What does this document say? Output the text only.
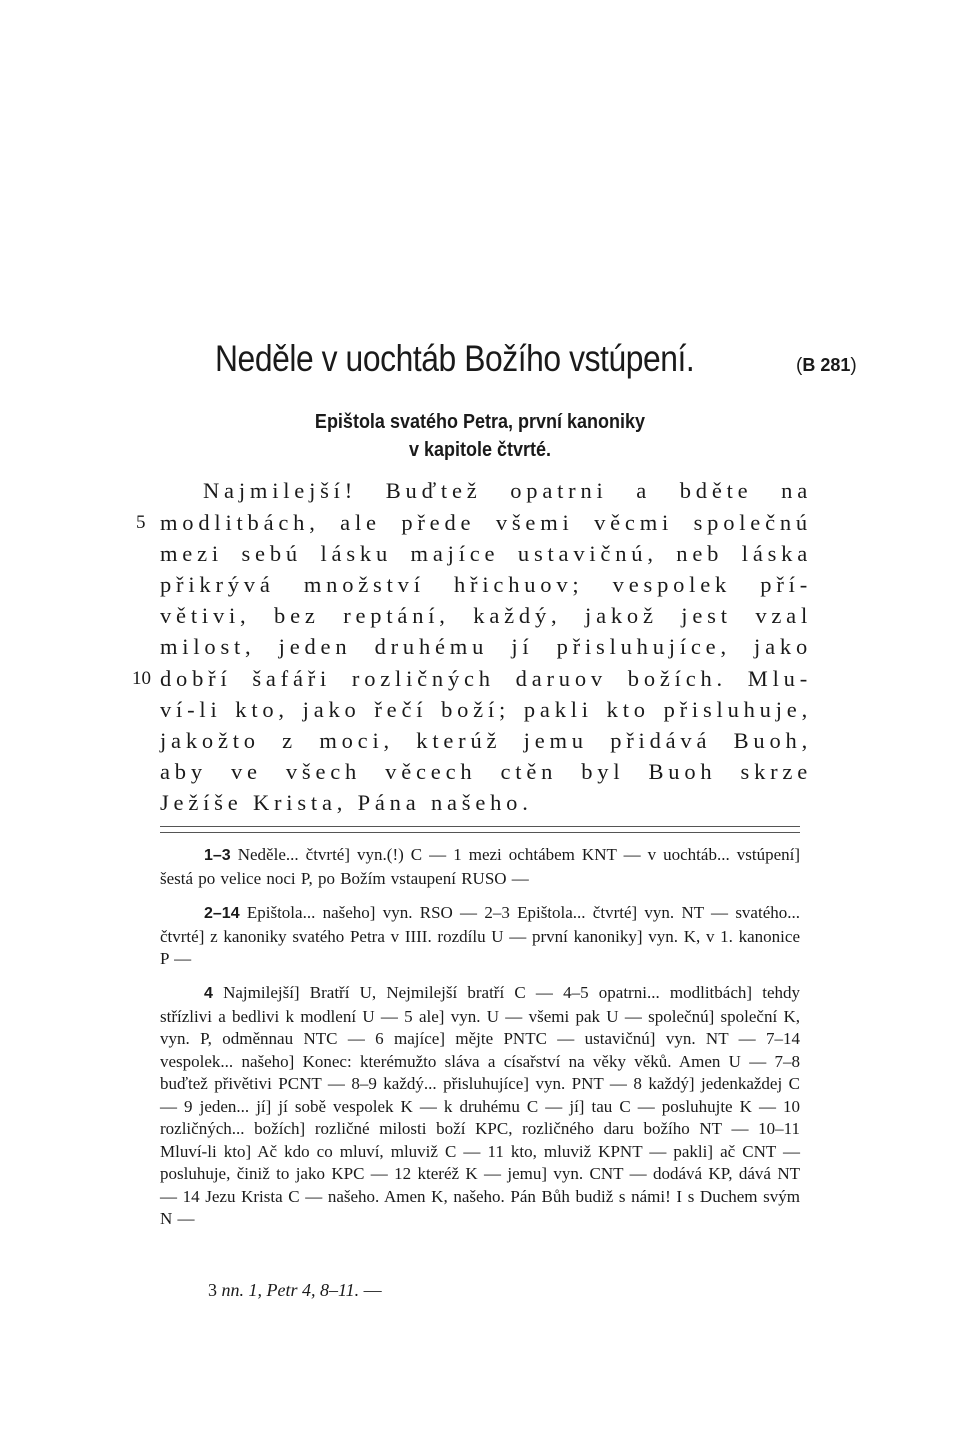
Neděle v uochtáb Božího vstúpení.	(B 281)
Epištola svatého Petra, první kanoniky
v kapitole čtvrté.
Najmilejší! Buďtež opatrni a bděte na
modlitbách, ale přede všemi věcmi společnú
5
mezi sebú lásku majíce ustavičnú, neb láska
přikrývá množství hřichuov; vespolek pří-
větivi, bez reptání, každý, jakož jest vzal
milost, jeden druhému jí přisluhujíce, jako
dobří šafáři rozličných daruov božích. Mlu-
10
ví-li kto, jako řečí boží; pakli kto přisluhuje,
jakožto z moci, kterúž jemu přidává Buoh,
aby ve všech věcech ctěn byl Buoh skrze
Ježíše Krista, Pána našeho.
1–3 Neděle... čtvrté] vyn.(!) C — 1 mezi ochtábem KNT — v uochtáb... vstúpení] šestá po velice noci P, po Božím vstaupení RUSO —
2–14 Epištola... našeho] vyn. RSO — 2–3 Epištola... čtvrté] vyn. NT — svatého... čtvrté] z kanoniky svatého Petra v IIII. rozdílu U — první kanoniky] vyn. K, v 1. kanonice P —
4 Najmilejší] Bratří U, Nejmilejší bratří C — 4–5 opatrni... modlitbách] tehdy střízlivi a bedlivi k modlení U — 5 ale] vyn. U — všemi pak U — společnú] společní K, vyn. P, odměnnau NTC — 6 majíce] mějte PNTC — ustavičnú] vyn. NT — 7–14 vespolek... našeho] Konec: kterémužto sláva a císařství na věky věků. Amen U — 7–8 buďtež přivětivi PCNT — 8–9 každý... přisluhujíce] vyn. PNT — 8 každý] jedenkaždej C — 9 jeden... jí] jí sobě vespolek K — k druhému C — jí] tau C — posluhujte K — 10 rozličných... božích] rozličné milosti boží KPC, rozličného daru božího NT — 10–11 Mluví-li kto] Ač kdo co mluví, mluviž C — 11 kto, mluviž KPNT — pakli] ač CNT — posluhuje, činiž to jako KPC — 12 kteréž K — jemu] vyn. CNT — dodává KP, dává NT — 14 Jezu Krista C — našeho. Amen K, našeho. Pán Bůh budiž s námi! I s Duchem svým N —
3 nn. 1, Petr 4, 8–11. —
